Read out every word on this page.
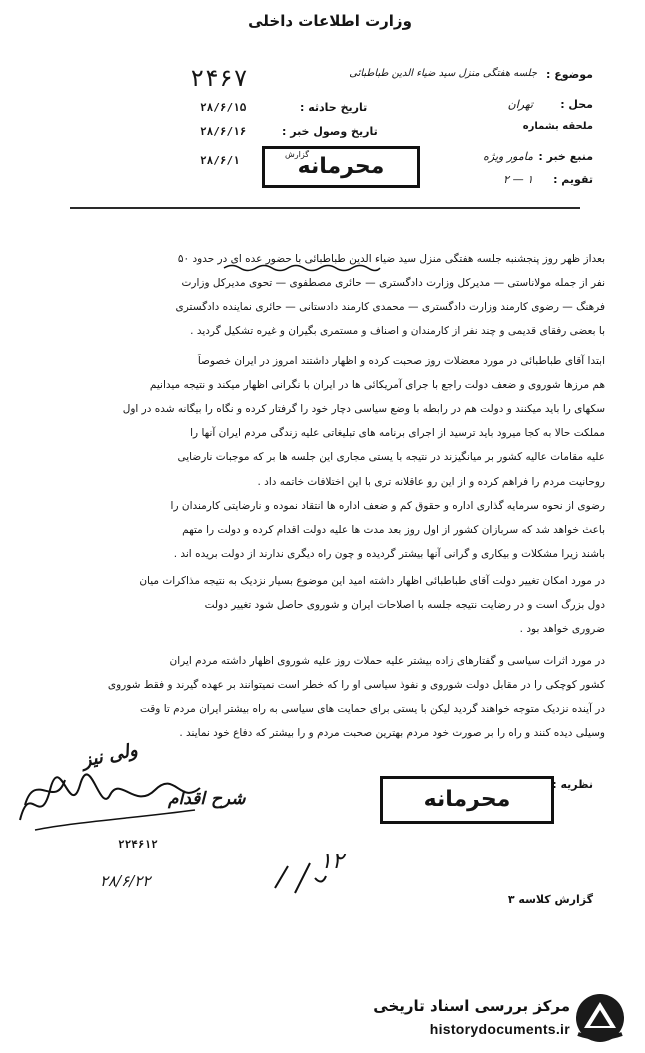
وزارت اطلاعات داخلی
موضوع :
جلسه هفتگی منزل سید ضیاء الدین طباطبائی
۲۴۶۷
تاریخ حادثه :
۲۸/۶/۱۵
تاریخ وصول خبر :
۲۸/۶/۱۶
۲۸/۶/۱	محرمانه
گزارش
محل :
تهران
ملحقه بشماره
منبع خبر :
مامور ویژه
تقویم :
۱ — ۲
بعداز ظهر روز پنجشنبه جلسه هفتگی منزل سید ضیاء الدین طباطبائی با حضور عده ای در حدود ۵۰
نفر از جمله مولاناستی — مدیرکل وزارت دادگستری — حائری مصطفوی — تحوی مدیرکل وزارت
فرهنگ — رضوی کارمند وزارت دادگستری — محمدی کارمند دادستانی — حائری نماینده دادگستری
با بعضی رفقای قدیمی و چند نفر از کارمندان و اصناف و مستمری بگیران و غیره تشکیل گردید .
ابتدا آقای طباطبائی در مورد معضلات روز صحبت کرده و اظهار داشتند امروز در ایران خصوصاً
هم مرزها شوروی و ضعف دولت راجع با جرای آمریکائی ها در ایران با نگرانی اظهار میکند و نتیجه میدانیم
سکهای را باید میکنند و دولت هم در رابطه با وضع سیاسی دچار خود را گرفتار کرده و نگاه را بیگانه شده در اول
مملکت حالا به کجا میرود باید ترسید از اجرای برنامه های تبلیغاتی علیه زندگی مردم ایران آنها را
علیه مقامات عالیه کشور بر میانگیزند در نتیجه با یستی مجاری این جلسه ها بر که موجبات نارضایی
روحانیت مردم را فراهم کرده و از این رو عاقلانه تری با این اختلافات خاتمه داد .
رضوی از نحوه سرمایه گذاری اداره و حقوق کم و ضعف اداره ها انتقاد نموده و نارضایتی کارمندان را
باعث خواهد شد که سربازان کشور از اول روز بعد مدت ها علیه دولت اقدام کرده و دولت را متهم
باشند زیرا مشکلات و بیکاری و گرانی آنها بیشتر گردیده و چون راه دیگری ندارند از دولت بریده اند .
در مورد امکان تغییر دولت آقای طباطبائی اظهار داشته امید این موضوع بسیار نزدیک به نتیجه مذاکرات میان
دول بزرگ است و در رضایت نتیجه جلسه با اصلاحات ایران و شوروی حاصل شود تغییر دولت
ضروری خواهد بود .
در مورد اثرات سیاسی و گفتارهای زاده بیشتر علیه حملات روز علیه شوروی اظهار داشته مردم ایران
کشور کوچکی را در مقابل دولت شوروی و نفوذ سیاسی او را که خطر است نمیتوانند بر عهده گیرند و فقط شوروی
در آینده نزدیک متوجه خواهند گردید لیکن با یستی برای حمایت های سیاسی به راه بیشتر ایران مردم تا وقت
وسیلی دیده کنند و راه را بر صورت خود مردم بهترین صحبت مردم و را بیشتر که دفاع خود نمایند .
نظریه :
محرمانه
شرح اقدام
۲۲۴۶۱۲
۲۸/۶/۲۲
۱۲
گزارش کلاسه ۳
ولی نیز
مرکز بررسی اسناد تاریخی
historydocuments.ir
